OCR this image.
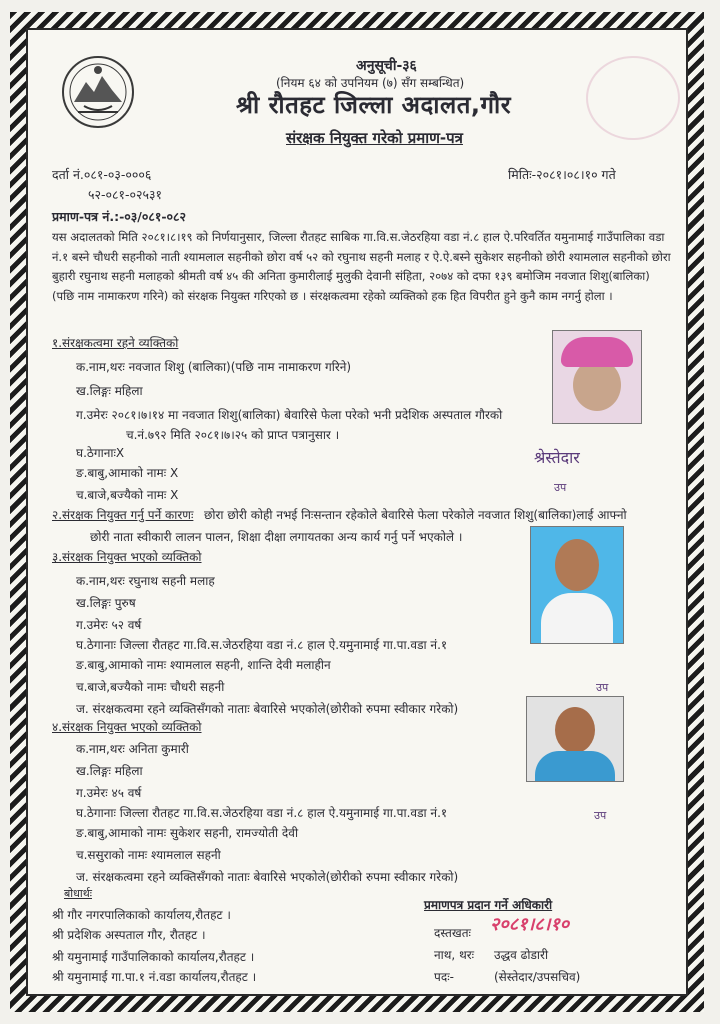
अनुसूची-३६
(नियम ६४ को उपनियम (७) सँग सम्बन्धित)
श्री रौतहट जिल्ला अदालत,गौर
संरक्षक नियुक्त गरेको प्रमाण-पत्र
दर्ता नं.०८१-०३-०००६
५२-०८१-०२५३१
मितिः-२०८१।०८।१० गते
प्रमाण-पत्र नं.:-०३/०८१-०८२
यस अदालतको मिति २०८१।८।१९ को निर्णयानुसार, जिल्ला रौतहट साबिक गा.वि.स.जेठरहिया वडा नं.८ हाल ऐ.परिवर्तित यमुनामाई गाउँपालिका वडा नं.१ बस्ने चौधरी सहनीको नाती श्यामलाल सहनीको छोरा वर्ष ५२ को रघुनाथ सहनी मलाह र ऐ.ऐ.बस्ने सुकेशर सहनीको छोरी श्यामलाल सहनीको छोरा बुहारी रघुनाथ सहनी मलाहको श्रीमती वर्ष ४५ की अनिता कुमारीलाई मुलुकी देवानी संहिता, २०७४ को दफा १३९ बमोजिम नवजात शिशु(बालिका)(पछि नाम नामाकरण गरिने) को संरक्षक नियुक्त गरिएको छ । संरक्षकत्वमा रहेको व्यक्तिको हक हित विपरीत हुने कुनै काम नगर्नु होला ।
१.संरक्षकत्वमा रहने व्यक्तिको
क.नाम,थरः नवजात शिशु (बालिका)(पछि नाम नामाकरण गरिने)
ख.लिङ्गः महिला
ग.उमेरः २०८१।७।१४ मा नवजात शिशु(बालिका) बेवारिसे फेला परेको भनी प्रदेशिक अस्पताल गौरको
च.नं.७९२ मिति २०८१।७।२५ को प्राप्त पत्रानुसार ।
घ.ठेगानाःX
ङ.बाबु,आमाको नामः X
च.बाजे,बज्यैको नामः X
श्रेस्तेदार
उप
२.संरक्षक नियुक्त गर्नु पर्ने कारणः छोरा छोरी कोही नभई निःसन्तान रहेकोले बेवारिसे फेला परेकोले नवजात शिशु(बालिका)लाई आफ्नो
छोरी नाता स्वीकारी लालन पालन, शिक्षा दीक्षा लगायतका अन्य कार्य गर्नु पर्ने भएकोले ।
३.संरक्षक नियुक्त भएको व्यक्तिको
क.नाम,थरः रघुनाथ सहनी मलाह
ख.लिङ्गः पुरुष
ग.उमेरः ५२ वर्ष
घ.ठेगानाः जिल्ला रौतहट गा.वि.स.जेठरहिया वडा नं.८ हाल ऐ.यमुनामाई गा.पा.वडा नं.१
ङ.बाबु,आमाको नामः श्यामलाल सहनी, शान्ति देवी मलाहीन
च.बाजे,बज्यैको नामः चौधरी सहनी
ज. संरक्षकत्वमा रहने व्यक्तिसँगको नाताः बेवारिसे भएकोले(छोरीको रुपमा स्वीकार गरेको)
उप
४.संरक्षक नियुक्त भएको व्यक्तिको
क.नाम,थरः अनिता कुमारी
ख.लिङ्गः महिला
ग.उमेरः ४५ वर्ष
घ.ठेगानाः जिल्ला रौतहट गा.वि.स.जेठरहिया वडा नं.८ हाल ऐ.यमुनामाई गा.पा.वडा नं.१
ङ.बाबु,आमाको नामः सुकेशर सहनी, रामज्योती देवी
च.ससुराको नामः श्यामलाल सहनी
ज. संरक्षकत्वमा रहने व्यक्तिसँगको नाताः बेवारिसे भएकोले(छोरीको रुपमा स्वीकार गरेको)
उप
बोधार्थः
श्री गौर नगरपालिकाको कार्यालय,रौतहट ।
श्री प्रदेशिक अस्पताल गौर, रौतहट ।
श्री यमुनामाई गाउँपालिकाको कार्यालय,रौतहट ।
श्री यमुनामाई गा.पा.१ नं.वडा कार्यालय,रौतहट ।
प्रमाणपत्र प्रदान गर्ने अधिकारी
दस्तखतः २०८१।८।१०
नाथ, थरः उद्धव ढोडारी
पदः-	(सेस्तेदार/उपसचिव)
